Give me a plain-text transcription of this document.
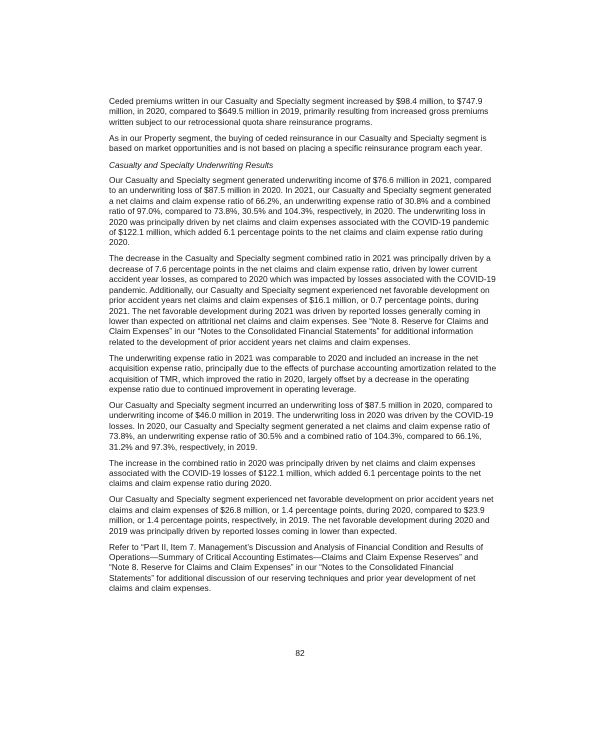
Ceded premiums written in our Casualty and Specialty segment increased by $98.4 million, to $747.9 million, in 2020, compared to $649.5 million in 2019, primarily resulting from increased gross premiums written subject to our retrocessional quota share reinsurance programs.

As in our Property segment, the buying of ceded reinsurance in our Casualty and Specialty segment is based on market opportunities and is not based on placing a specific reinsurance program each year.

Casualty and Specialty Underwriting Results

Our Casualty and Specialty segment generated underwriting income of $76.6 million in 2021, compared to an underwriting loss of $87.5 million in 2020. In 2021, our Casualty and Specialty segment generated a net claims and claim expense ratio of 66.2%, an underwriting expense ratio of 30.8% and a combined ratio of 97.0%, compared to 73.8%, 30.5% and 104.3%, respectively, in 2020. The underwriting loss in 2020 was principally driven by net claims and claim expenses associated with the COVID-19 pandemic of $122.1 million, which added 6.1 percentage points to the net claims and claim expense ratio during 2020.

The decrease in the Casualty and Specialty segment combined ratio in 2021 was principally driven by a decrease of 7.6 percentage points in the net claims and claim expense ratio, driven by lower current accident year losses, as compared to 2020 which was impacted by losses associated with the COVID-19 pandemic. Additionally, our Casualty and Specialty segment experienced net favorable development on prior accident years net claims and claim expenses of $16.1 million, or 0.7 percentage points, during 2021. The net favorable development during 2021 was driven by reported losses generally coming in lower than expected on attritional net claims and claim expenses. See “Note 8. Reserve for Claims and Claim Expenses” in our “Notes to the Consolidated Financial Statements” for additional information related to the development of prior accident years net claims and claim expenses.

The underwriting expense ratio in 2021 was comparable to 2020 and included an increase in the net acquisition expense ratio, principally due to the effects of purchase accounting amortization related to the acquisition of TMR, which improved the ratio in 2020, largely offset by a decrease in the operating expense ratio due to continued improvement in operating leverage.

Our Casualty and Specialty segment incurred an underwriting loss of $87.5 million in 2020, compared to underwriting income of $46.0 million in 2019. The underwriting loss in 2020 was driven by the COVID-19 losses. In 2020, our Casualty and Specialty segment generated a net claims and claim expense ratio of 73.8%, an underwriting expense ratio of 30.5% and a combined ratio of 104.3%, compared to 66.1%, 31.2% and 97.3%, respectively, in 2019.

The increase in the combined ratio in 2020 was principally driven by net claims and claim expenses associated with the COVID-19 losses of $122.1 million, which added 6.1 percentage points to the net claims and claim expense ratio during 2020.

Our Casualty and Specialty segment experienced net favorable development on prior accident years net claims and claim expenses of $26.8 million, or 1.4 percentage points, during 2020, compared to $23.9 million, or 1.4 percentage points, respectively, in 2019. The net favorable development during 2020 and 2019 was principally driven by reported losses coming in lower than expected.

Refer to “Part II, Item 7. Management’s Discussion and Analysis of Financial Condition and Results of Operations—Summary of Critical Accounting Estimates—Claims and Claim Expense Reserves” and “Note 8. Reserve for Claims and Claim Expenses” in our “Notes to the Consolidated Financial Statements” for additional discussion of our reserving techniques and prior year development of net claims and claim expenses.

82
